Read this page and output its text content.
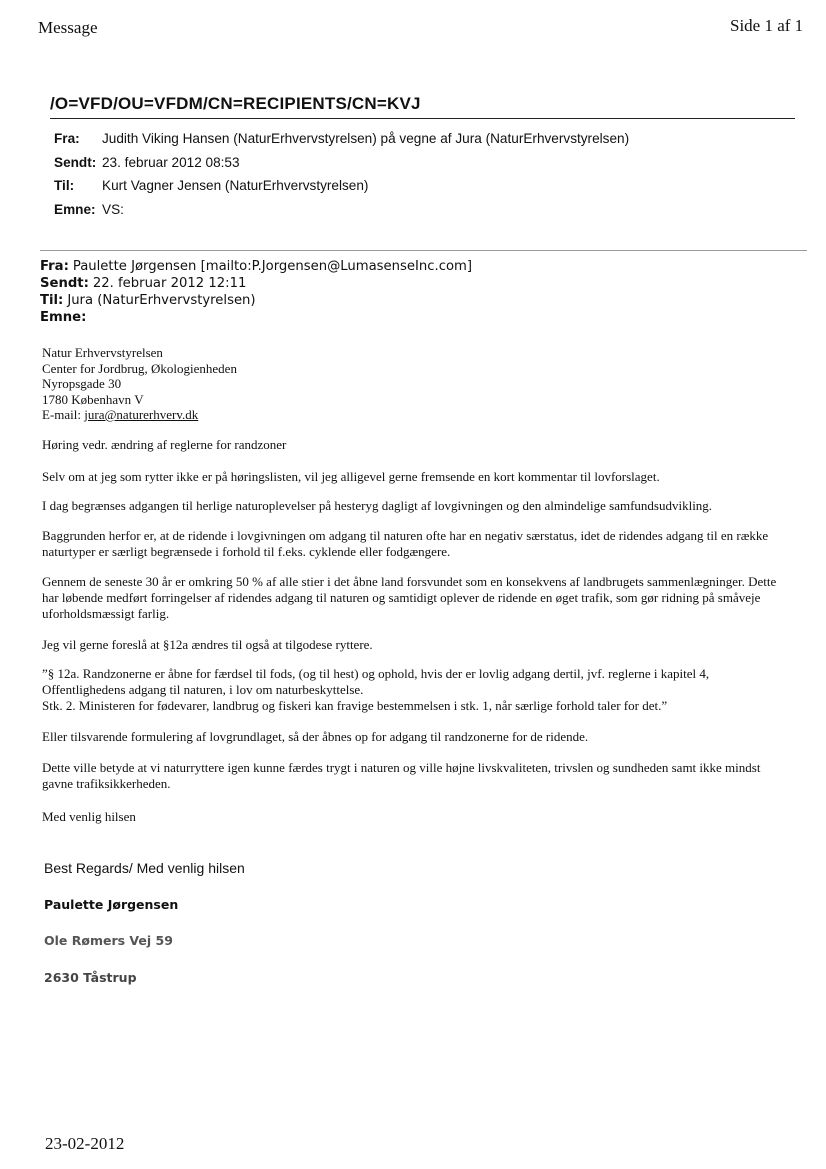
Message	Side 1 af 1
/O=VFD/OU=VFDM/CN=RECIPIENTS/CN=KVJ
Fra:	Judith Viking Hansen (NaturErhvervstyrelsen) på vegne af Jura (NaturErhvervstyrelsen)
Sendt: 23. februar 2012 08:53
Til:	Kurt Vagner Jensen (NaturErhvervstyrelsen)
Emne: VS:
Fra: Paulette Jørgensen [mailto:P.Jorgensen@LumasenseInc.com]
Sendt: 22. februar 2012 12:11
Til: Jura (NaturErhvervstyrelsen)
Emne:
Natur Erhvervstyrelsen
Center for Jordbrug, Økologienheden
Nyropsgade 30
1780 København V
E-mail: jura@naturerhverv.dk

Høring vedr. ændring af reglerne for randzoner

Selv om at jeg som rytter ikke er på høringslisten, vil jeg alligevel gerne fremsende en kort kommentar til lovforslaget.

I dag begrænses adgangen til herlige naturoplevelser på hesteryg dagligt af lovgivningen og den almindelige samfundsudvikling.

Baggrunden herfor er, at de ridende i lovgivningen om adgang til naturen ofte har en negativ særstatus, idet de ridendes adgang til en række naturtyper er særligt begrænsede i forhold til f.eks. cyklende eller fodgængere.

Gennem de seneste 30 år er omkring 50 % af alle stier i det åbne land forsvundet som en konsekvens af landbrugets sammenlægninger. Dette har løbende medført forringelser af ridendes adgang til naturen og samtidigt oplever de ridende en øget trafik, som gør ridning på småveje uforholdsmæssigt farlig.

Jeg vil gerne foreslå at §12a ændres til også at tilgodese ryttere.

”§ 12a. Randzonerne er åbne for færdsel til fods, (og til hest) og ophold, hvis der er lovlig adgang dertil, jvf. reglerne i kapitel 4, Offentlighedens adgang til naturen, i lov om naturbeskyttelse.

Stk. 2. Ministeren for fødevarer, landbrug og fiskeri kan fravige bestemmelsen i stk. 1, når særlige forhold taler for det.”

Eller tilsvarende formulering af lovgrundlaget, så der åbnes op for adgang til randzonerne for de ridende.

Dette ville betyde at vi naturryttere igen kunne færdes trygt i naturen og ville højne livskvaliteten, trivslen og sundheden samt ikke mindst gavne trafiksikkerheden.

Med venlig hilsen

Best Regards/ Med venlig hilsen
Paulette Jørgensen
Ole Rømers Vej 59
2630 Tåstrup
23-02-2012
